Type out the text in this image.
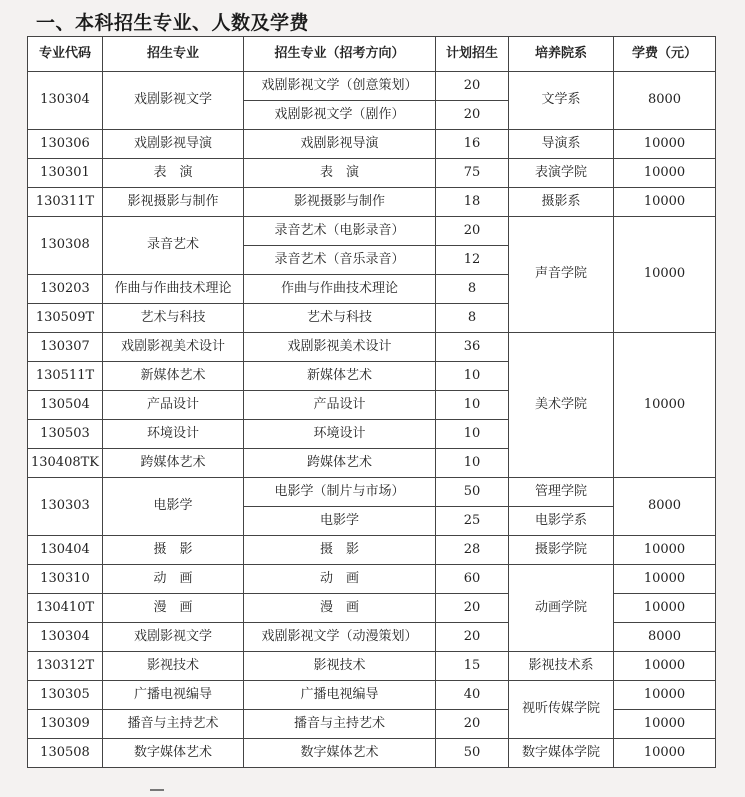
一、本科招生专业、人数及学费
专业代码	招生专业	招生专业（招考方向）	计划招生	培养院系	学费（元）
130304	戏剧影视文学	戏剧影视文学（创意策划）	20	文学系	8000
		戏剧影视文学（剧作）	20		
130306	戏剧影视导演	戏剧影视导演	16	导演系	10000
130301	表　演	表　演	75	表演学院	10000
130311T	影视摄影与制作	影视摄影与制作	18	摄影系	10000
130308	录音艺术	录音艺术（电影录音）	20	声音学院	10000
		录音艺术（音乐录音）	12		
130203	作曲与作曲技术理论	作曲与作曲技术理论	8		
130509T	艺术与科技	艺术与科技	8		
130307	戏剧影视美术设计	戏剧影视美术设计	36	美术学院	10000
130511T	新媒体艺术	新媒体艺术	10		
130504	产品设计	产品设计	10		
130503	环境设计	环境设计	10		
130408TK	跨媒体艺术	跨媒体艺术	10		
130303	电影学	电影学（制片与市场）	50	管理学院	8000
		电影学	25	电影学系	
130404	摄　影	摄　影	28	摄影学院	10000
130310	动　画	动　画	60	动画学院	10000
130410T	漫　画	漫　画	20		10000
130304	戏剧影视文学	戏剧影视文学（动漫策划）	20		8000
130312T	影视技术	影视技术	15	影视技术系	10000
130305	广播电视编导	广播电视编导	40	视听传媒学院	10000
130309	播音与主持艺术	播音与主持艺术	20		10000
130508	数字媒体艺术	数字媒体艺术	50	数字媒体学院	10000
